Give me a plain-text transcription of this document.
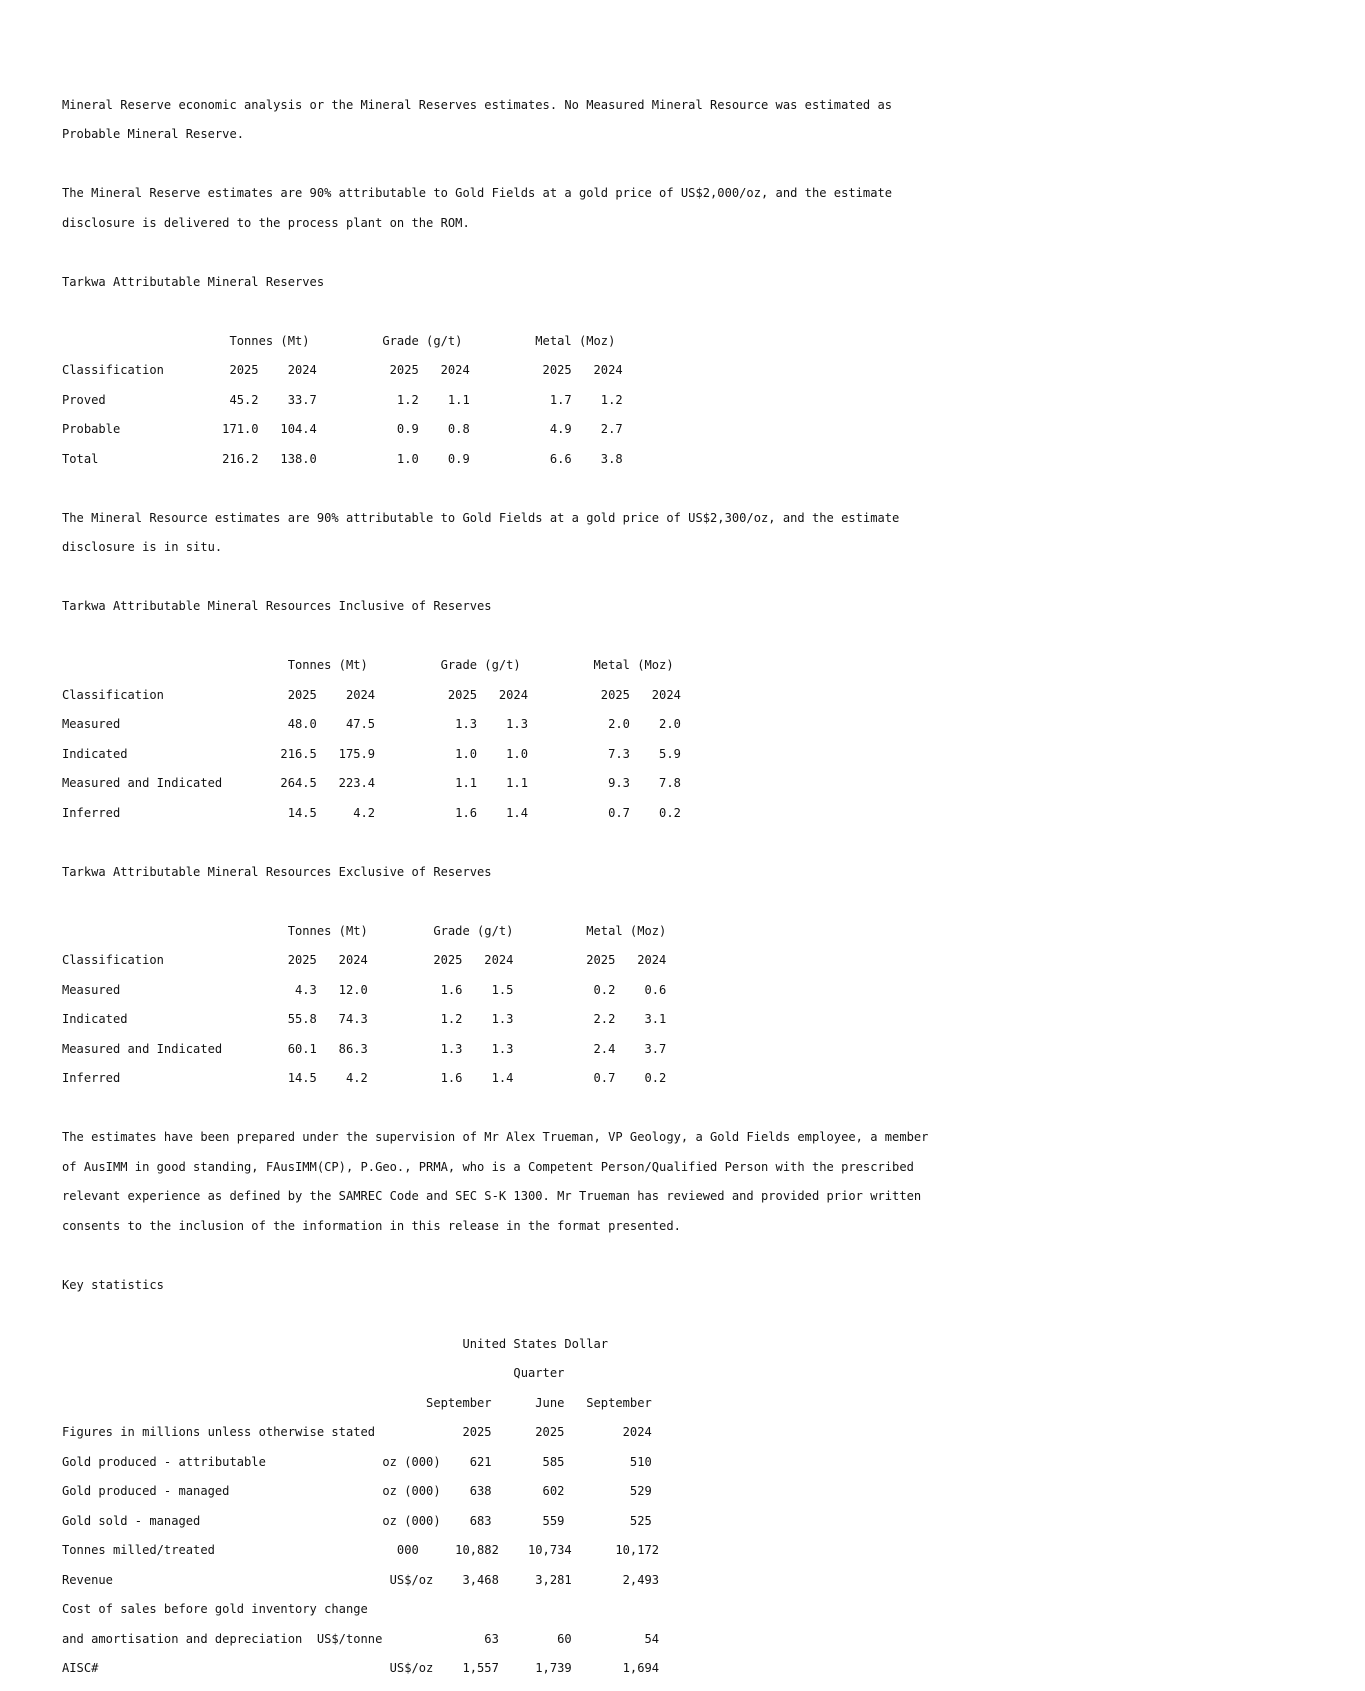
Mineral Reserve economic analysis or the Mineral Reserves estimates. No Measured Mineral Resource was estimated as

Probable Mineral Reserve.

The Mineral Reserve estimates are 90% attributable to Gold Fields at a gold price of US$2,000/oz, and the estimate

disclosure is delivered to the process plant on the ROM.

Tarkwa Attributable Mineral Reserves

Tonnes (Mt)          Grade (g/t)          Metal (Moz)

Classification         2025    2024          2025   2024          2025   2024

Proved                 45.2    33.7           1.2    1.1           1.7    1.2

Probable              171.0   104.4           0.9    0.8           4.9    2.7

Total                 216.2   138.0           1.0    0.9           6.6    3.8

The Mineral Resource estimates are 90% attributable to Gold Fields at a gold price of US$2,300/oz, and the estimate

disclosure is in situ.

Tarkwa Attributable Mineral Resources Inclusive of Reserves

Tonnes (Mt)          Grade (g/t)          Metal (Moz)

Classification                 2025    2024          2025   2024          2025   2024

Measured                       48.0    47.5           1.3    1.3           2.0    2.0

Indicated                     216.5   175.9           1.0    1.0           7.3    5.9

Measured and Indicated        264.5   223.4           1.1    1.1           9.3    7.8

Inferred                       14.5     4.2           1.6    1.4           0.7    0.2

Tarkwa Attributable Mineral Resources Exclusive of Reserves

Tonnes (Mt)         Grade (g/t)          Metal (Moz)

Classification                 2025   2024         2025   2024          2025   2024

Measured                        4.3   12.0          1.6    1.5           0.2    0.6

Indicated                      55.8   74.3          1.2    1.3           2.2    3.1

Measured and Indicated         60.1   86.3          1.3    1.3           2.4    3.7

Inferred                       14.5    4.2          1.6    1.4           0.7    0.2

The estimates have been prepared under the supervision of Mr Alex Trueman, VP Geology, a Gold Fields employee, a member

of AusIMM in good standing, FAusIMM(CP), P.Geo., PRMA, who is a Competent Person/Qualified Person with the prescribed

relevant experience as defined by the SAMREC Code and SEC S-K 1300. Mr Trueman has reviewed and provided prior written

consents to the inclusion of the information in this release in the format presented.

Key statistics

United States Dollar

Quarter

September      June   September

Figures in millions unless otherwise stated            2025      2025        2024

Gold produced - attributable                oz (000)    621       585         510

Gold produced - managed                     oz (000)    638       602         529

Gold sold - managed                         oz (000)    683       559         525

Tonnes milled/treated                         000     10,882    10,734      10,172

Revenue                                      US$/oz    3,468     3,281       2,493

Cost of sales before gold inventory change

and amortisation and depreciation  US$/tonne              63        60          54

AISC#                                        US$/oz    1,557     1,739       1,694
